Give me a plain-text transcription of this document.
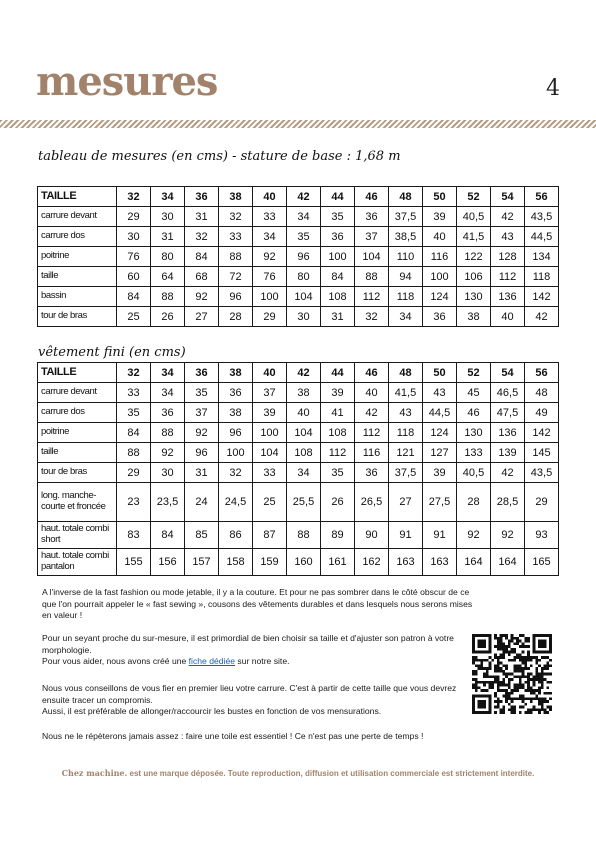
mesures	4
tableau de mesures (en cms) - stature de base : 1,68 m
TAILLE	32	34	36	38	40	42	44	46	48	50	52	54	56
carrure devant	29	30	31	32	33	34	35	36	37,5	39	40,5	42	43,5
carrure dos	30	31	32	33	34	35	36	37	38,5	40	41,5	43	44,5
poitrine	76	80	84	88	92	96	100	104	110	116	122	128	134
taille	60	64	68	72	76	80	84	88	94	100	106	112	118
bassin	84	88	92	96	100	104	108	112	118	124	130	136	142
tour de bras	25	26	27	28	29	30	31	32	34	36	38	40	42
vêtement fini (en cms)
TAILLE	32	34	36	38	40	42	44	46	48	50	52	54	56
carrure devant	33	34	35	36	37	38	39	40	41,5	43	45	46,5	48
carrure dos	35	36	37	38	39	40	41	42	43	44,5	46	47,5	49
poitrine	84	88	92	96	100	104	108	112	118	124	130	136	142
taille	88	92	96	100	104	108	112	116	121	127	133	139	145
tour de bras	29	30	31	32	33	34	35	36	37,5	39	40,5	42	43,5
long. manche-courte et froncée	23	23,5	24	24,5	25	25,5	26	26,5	27	27,5	28	28,5	29
haut. totale combi short	83	84	85	86	87	88	89	90	91	91	92	92	93
haut. totale combi pantalon	155	156	157	158	159	160	161	162	163	163	164	164	165
A l'inverse de la fast fashion ou mode jetable, il y a la couture. Et pour ne pas sombrer dans le côté obscur de ce que l'on pourrait appeler le « fast sewing », cousons des vêtements durables et dans lesquels nous serons mises en valeur !
Pour un seyant proche du sur-mesure, il est primordial de bien choisir sa taille et d'ajuster son patron à votre morphologie.
Pour vous aider, nous avons créé une fiche dédiée sur notre site.
Nous vous conseillons de vous fier en premier lieu votre carrure. C'est à partir de cette taille que vous devrez ensuite tracer un compromis.
Aussi, il est préférable de allonger/raccourcir les bustes en fonction de vos mensurations.
Nous ne le répèterons jamais assez : faire une toile est essentiel ! Ce n'est pas une perte de temps !
Chez machine. est une marque déposée. Toute reproduction, diffusion et utilisation commerciale est strictement interdite.
